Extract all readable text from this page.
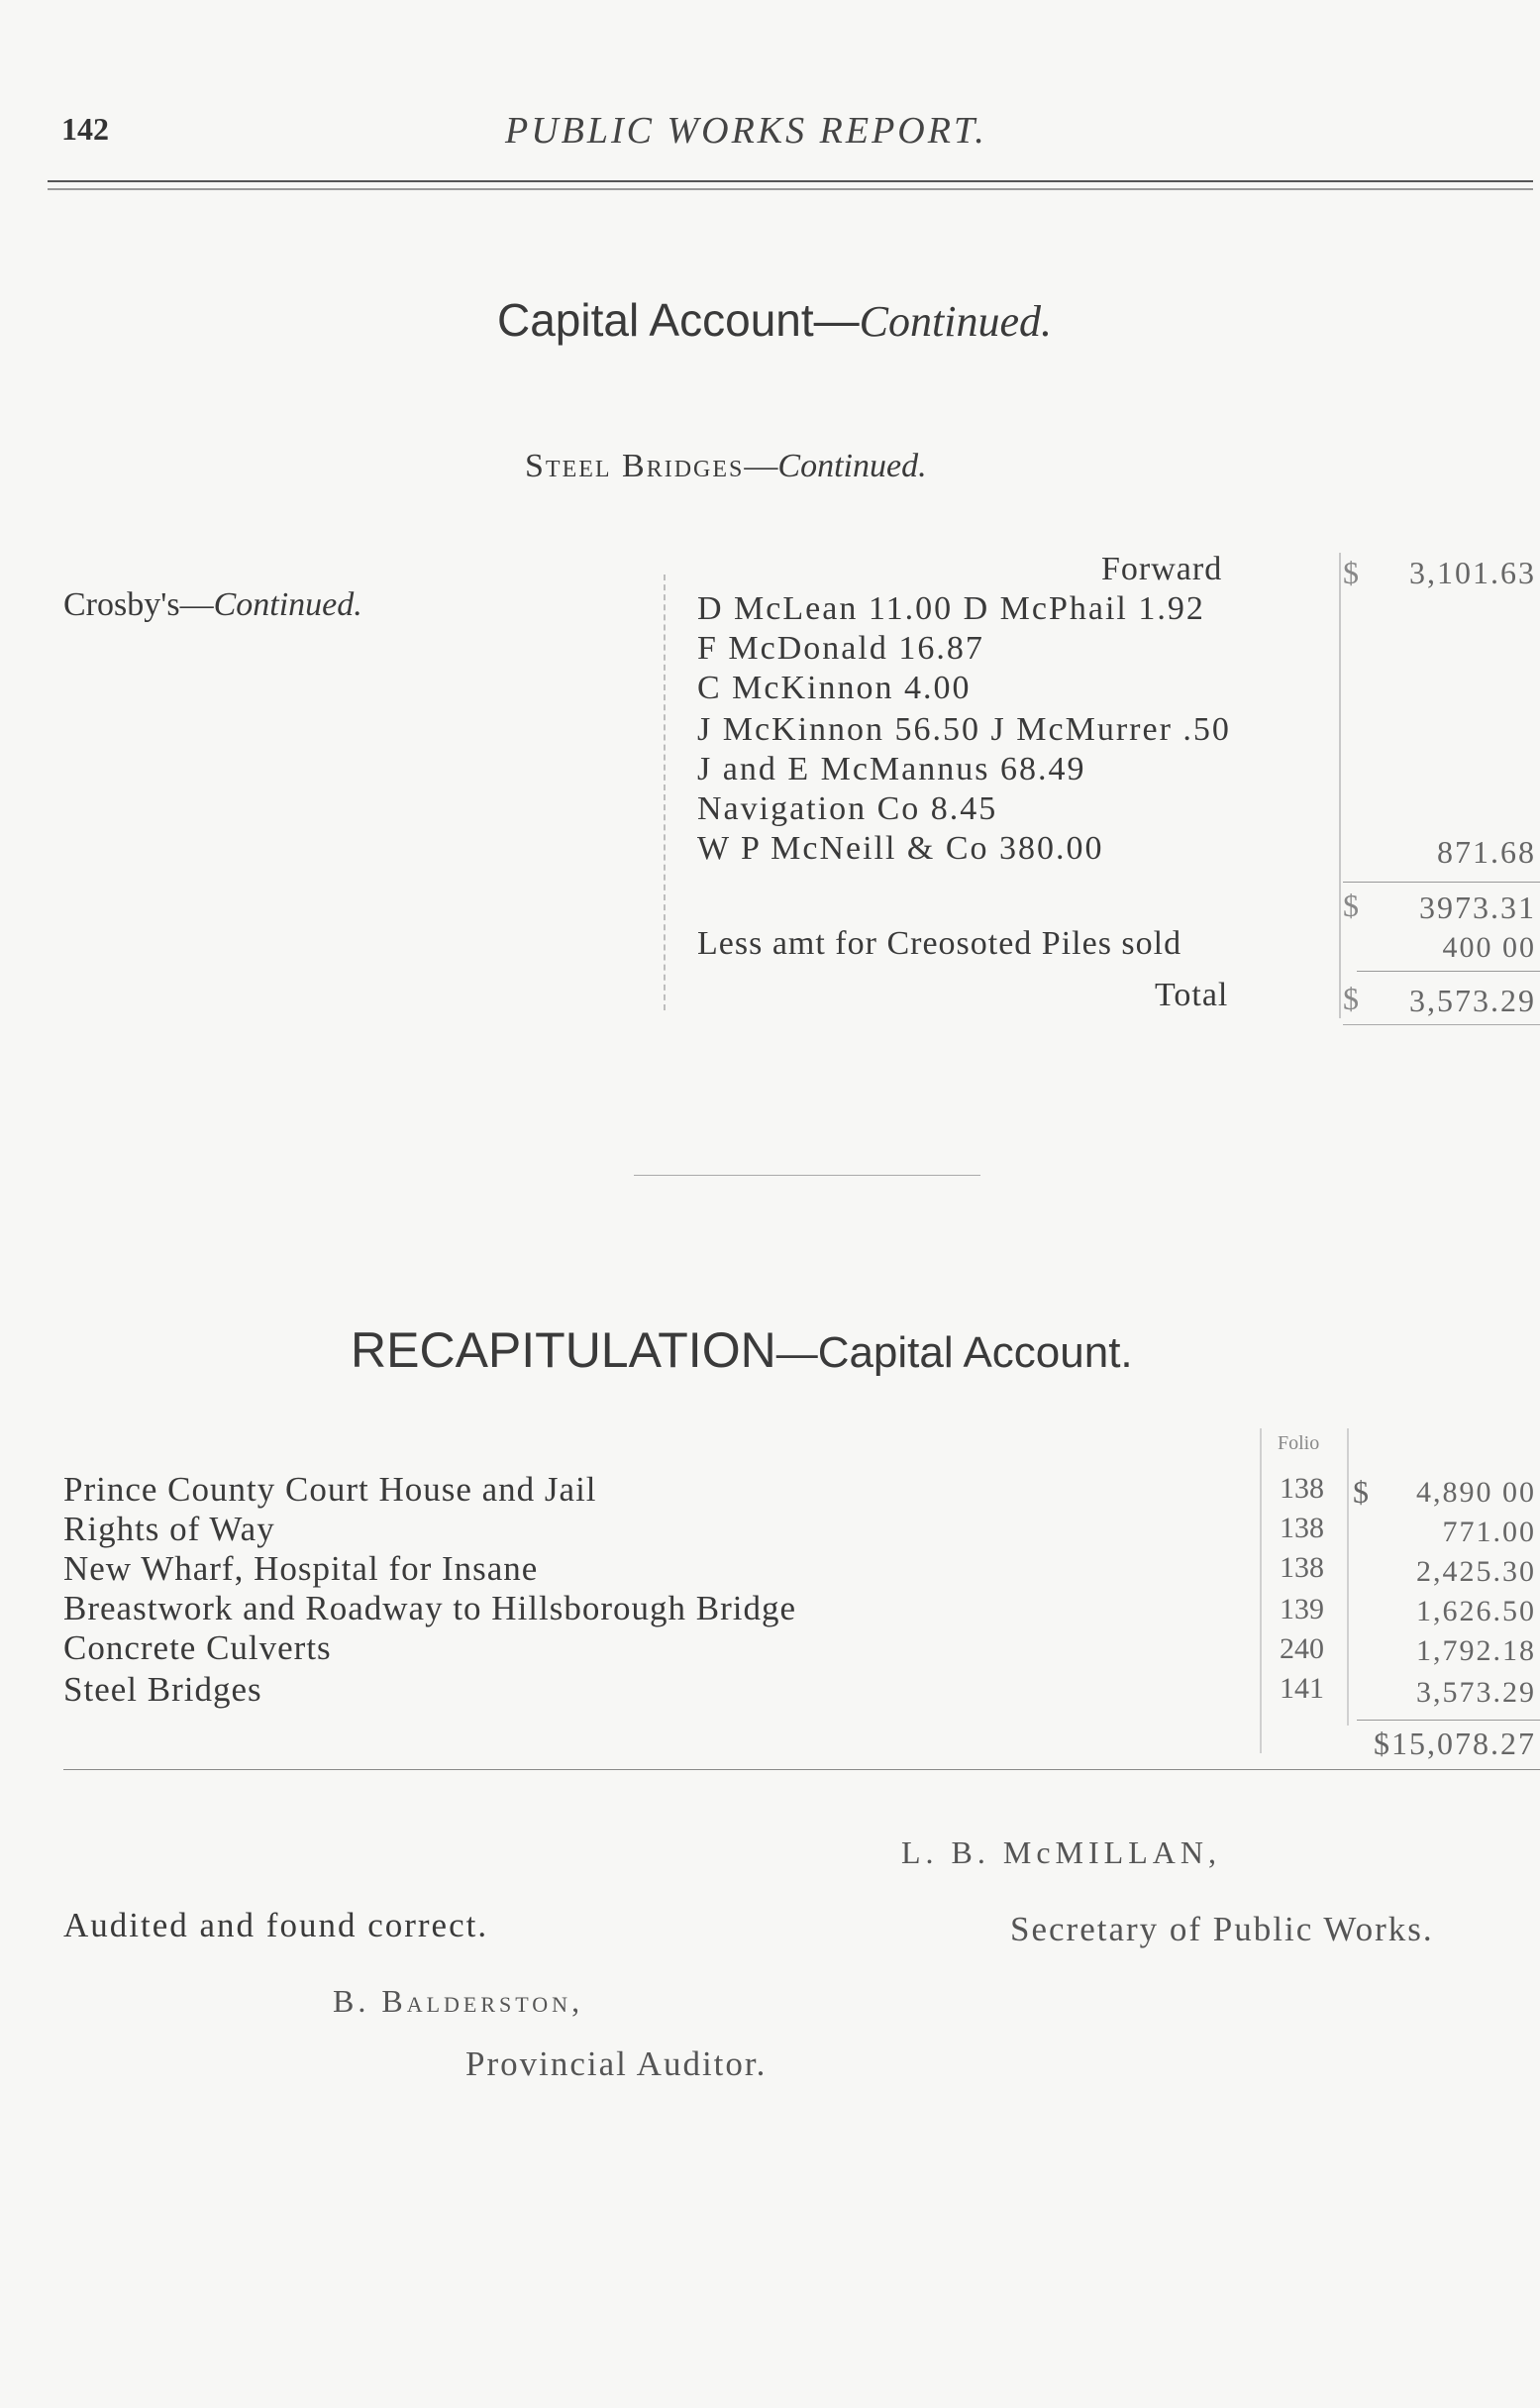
142	PUBLIC WORKS REPORT.
Capital Account—Continued.
Steel Bridges—Continued.
Crosby's—Continued.
Forward	$ 3,101.63
D McLean 11.00 D McPhail 1.92
F McDonald 16.87
C McKinnon 4.00
J McKinnon 56.50 J McMurrer .50
J and E McMannus 68.49
Navigation Co 8.45
W P McNeill & Co 380.00	871.68
$ 3973.31
Less amt for Creosoted Piles sold	400 00
Total	$ 3,573.29
RECAPITULATION—Capital Account.
Folio
Prince County Court House and Jail	138 $ 4,890 00
Rights of Way	138	771.00
New Wharf, Hospital for Insane	138	2,425.30
Breastwork and Roadway to Hillsborough Bridge	139	1,626.50
Concrete Culverts	240	1,792.18
Steel Bridges	141	3,573.29
$15,078.27
L. B. McMILLAN,
Secretary of Public Works.
Audited and found correct.
B. Balderston,
Provincial Auditor.
